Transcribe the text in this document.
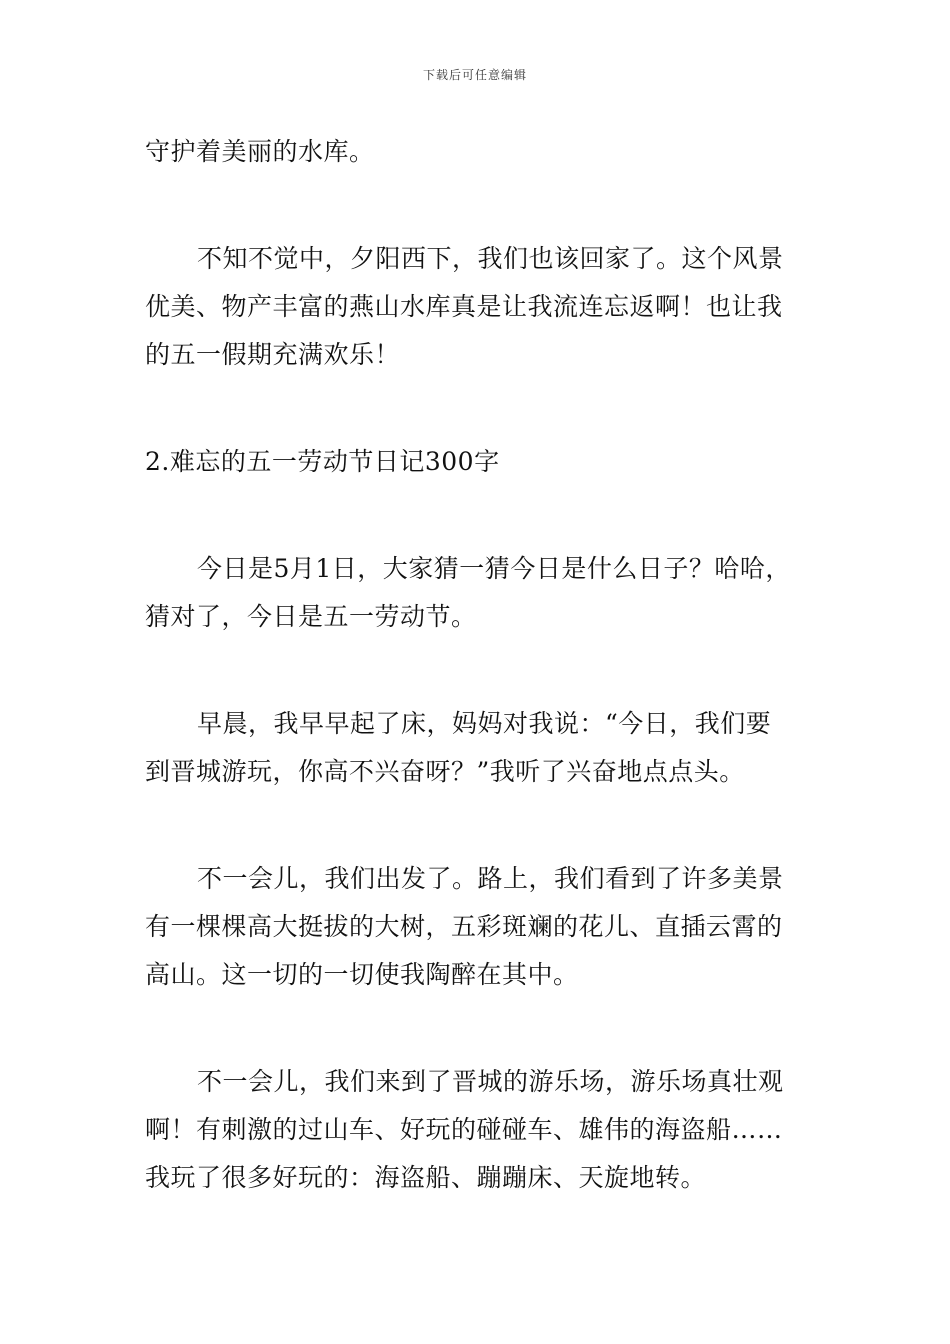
下载后可任意编辑
守护着美丽的水库。
不知不觉中，夕阳西下，我们也该回家了。这个风景
优美、物产丰富的燕山水库真是让我流连忘返啊！也让我
的五一假期充满欢乐！
2.难忘的五一劳动节日记300字
今日是5月1日，大家猜一猜今日是什么日子？哈哈，
猜对了，今日是五一劳动节。
早晨，我早早起了床，妈妈对我说：“今日，我们要
到晋城游玩，你高不兴奋呀？”我听了兴奋地点点头。
不一会儿，我们出发了。路上，我们看到了许多美景
有一棵棵高大挺拔的大树，五彩斑斓的花儿、直插云霄的
高山。这一切的一切使我陶醉在其中。
不一会儿，我们来到了晋城的游乐场，游乐场真壮观
啊！有刺激的过山车、好玩的碰碰车、雄伟的海盗船……
我玩了很多好玩的：海盗船、蹦蹦床、天旋地转。
